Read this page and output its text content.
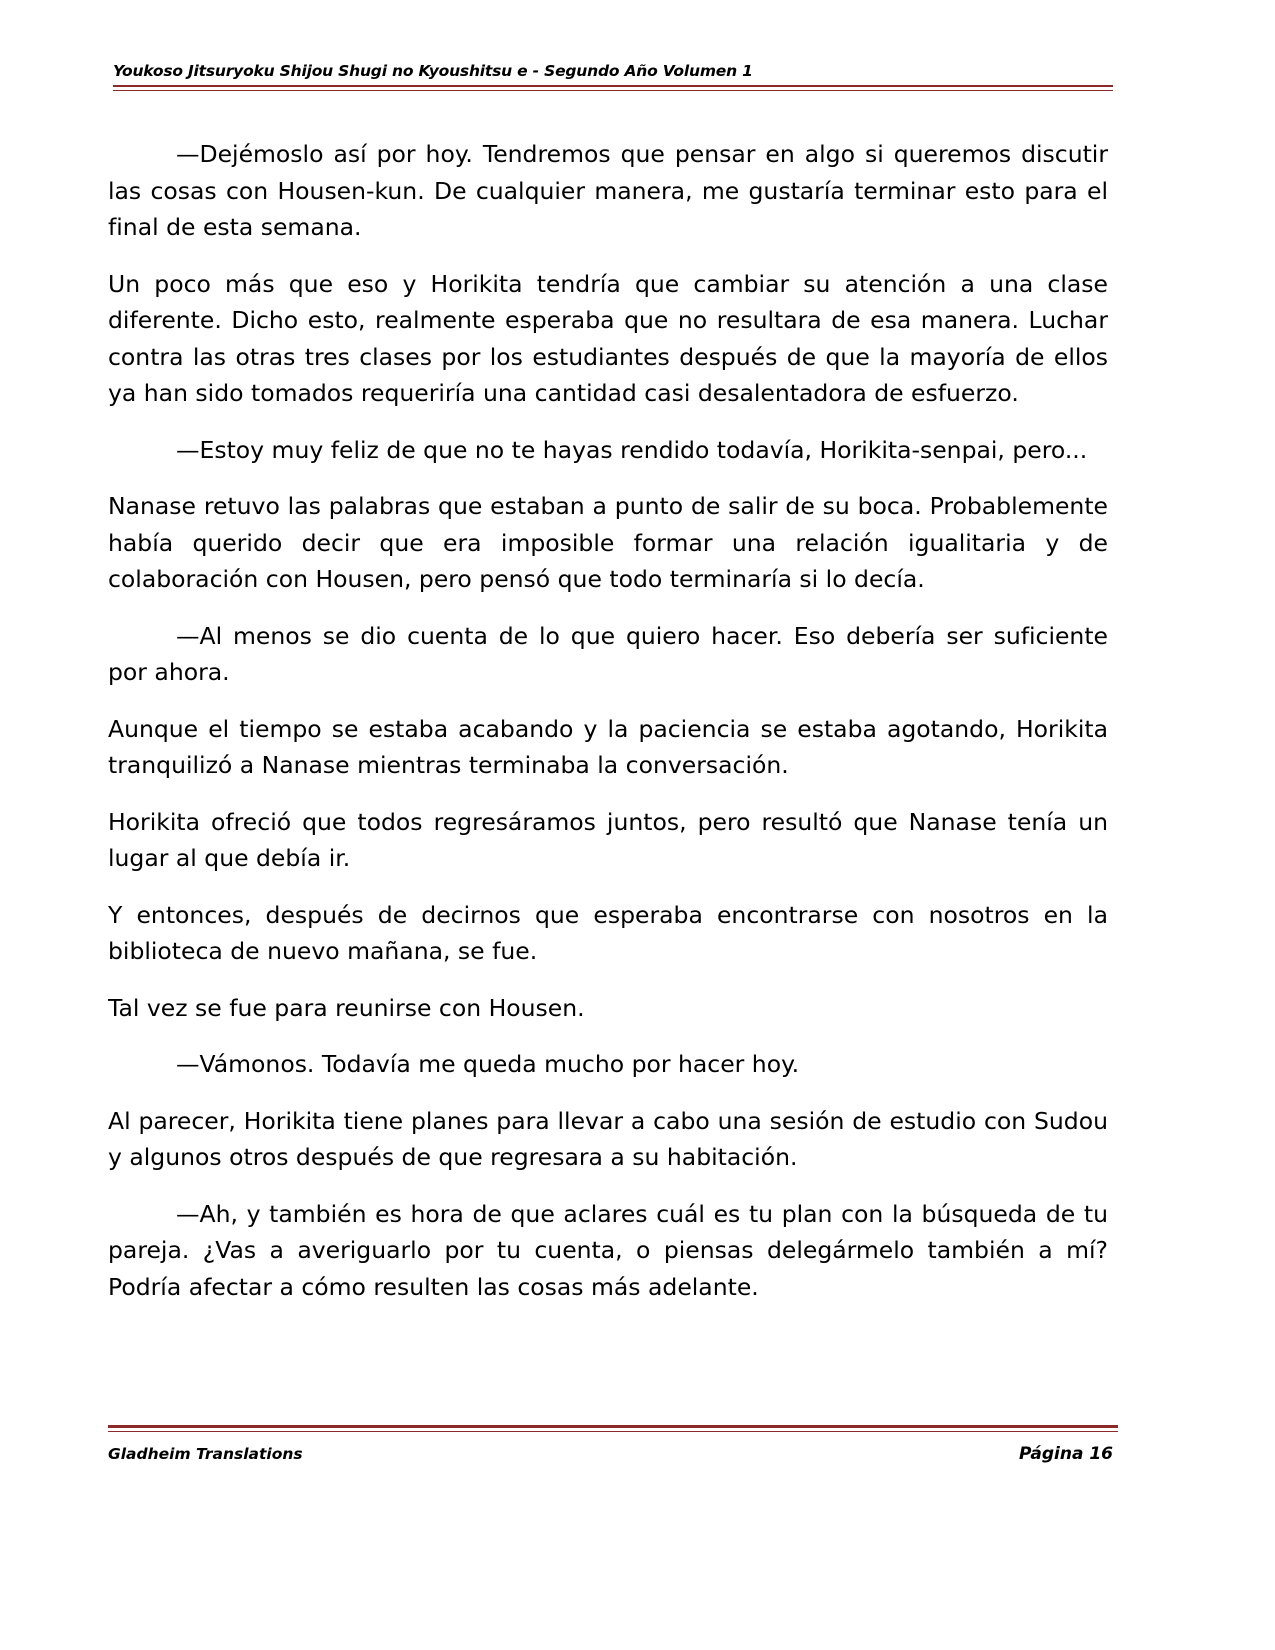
Youkoso Jitsuryoku Shijou Shugi no Kyoushitsu e - Segundo Año Volumen 1

—Dejémoslo así por hoy. Tendremos que pensar en algo si queremos discutir las cosas con Housen-kun. De cualquier manera, me gustaría terminar esto para el final de esta semana.

Un poco más que eso y Horikita tendría que cambiar su atención a una clase diferente. Dicho esto, realmente esperaba que no resultara de esa manera. Luchar contra las otras tres clases por los estudiantes después de que la mayoría de ellos ya han sido tomados requeriría una cantidad casi desalentadora de esfuerzo.

—Estoy muy feliz de que no te hayas rendido todavía, Horikita-senpai, pero...

Nanase retuvo las palabras que estaban a punto de salir de su boca. Probablemente había querido decir que era imposible formar una relación igualitaria y de colaboración con Housen, pero pensó que todo terminaría si lo decía.

—Al menos se dio cuenta de lo que quiero hacer. Eso debería ser suficiente por ahora.

Aunque el tiempo se estaba acabando y la paciencia se estaba agotando, Horikita tranquilizó a Nanase mientras terminaba la conversación.

Horikita ofreció que todos regresáramos juntos, pero resultó que Nanase tenía un lugar al que debía ir.

Y entonces, después de decirnos que esperaba encontrarse con nosotros en la biblioteca de nuevo mañana, se fue.

Tal vez se fue para reunirse con Housen.

—Vámonos. Todavía me queda mucho por hacer hoy.

Al parecer, Horikita tiene planes para llevar a cabo una sesión de estudio con Sudou y algunos otros después de que regresara a su habitación.

—Ah, y también es hora de que aclares cuál es tu plan con la búsqueda de tu pareja. ¿Vas a averiguarlo por tu cuenta, o piensas delegármelo también a mí? Podría afectar a cómo resulten las cosas más adelante.

Gladheim Translations	Página 16
